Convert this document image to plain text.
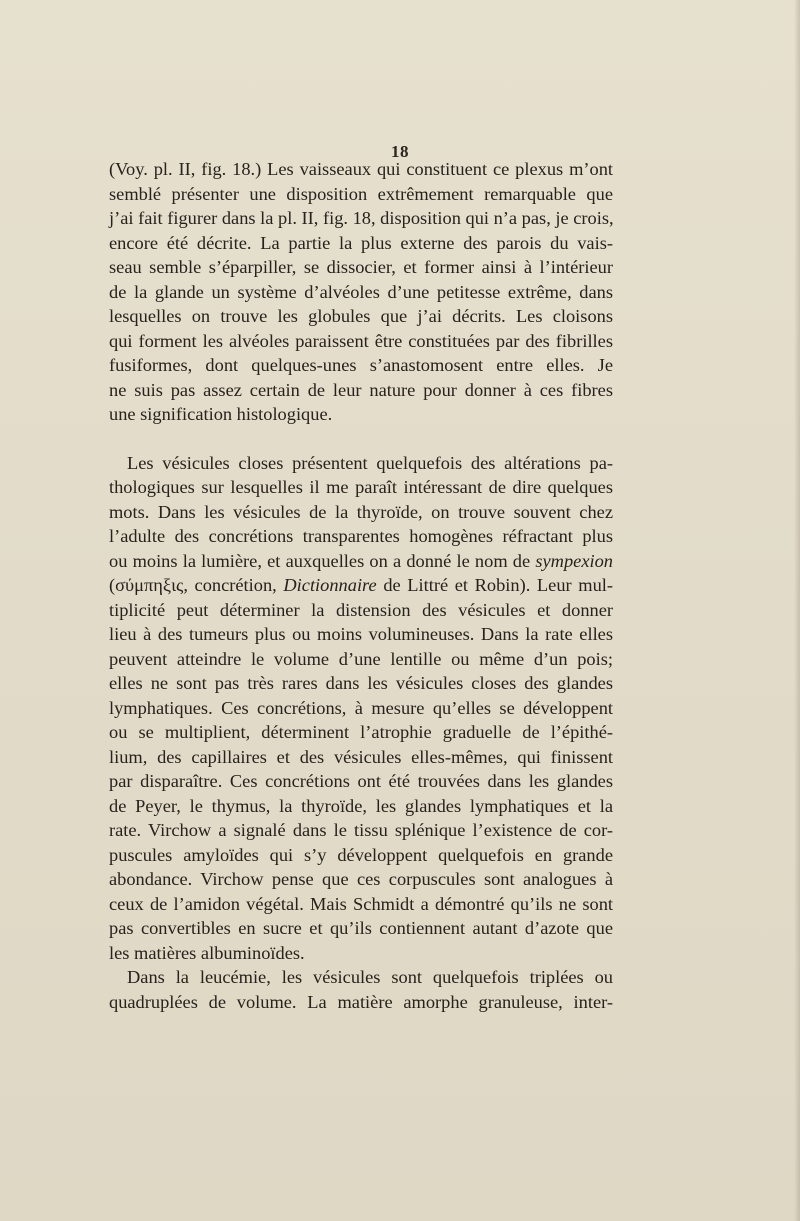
18
(Voy. pl. II, fig. 18.) Les vaisseaux qui constituent ce plexus m’ont
semblé présenter une disposition extrêmement remarquable que
j’ai fait figurer dans la pl. II, fig. 18, disposition qui n’a pas, je crois,
encore été décrite. La partie la plus externe des parois du vais-
seau semble s’éparpiller, se dissocier, et former ainsi à l’intérieur
de la glande un système d’alvéoles d’une petitesse extrême, dans
lesquelles on trouve les globules que j’ai décrits. Les cloisons
qui forment les alvéoles paraissent être constituées par des fibrilles
fusiformes, dont quelques-unes s’anastomosent entre elles. Je
ne suis pas assez certain de leur nature pour donner à ces fibres
une signification histologique.
Les vésicules closes présentent quelquefois des altérations pa-
thologiques sur lesquelles il me paraît intéressant de dire quelques
mots. Dans les vésicules de la thyroïde, on trouve souvent chez
l’adulte des concrétions transparentes homogènes réfractant plus
ou moins la lumière, et auxquelles on a donné le nom de sympexion
(σύμπηξις, concrétion, Dictionnaire de Littré et Robin). Leur mul-
tiplicité peut déterminer la distension des vésicules et donner
lieu à des tumeurs plus ou moins volumineuses. Dans la rate elles
peuvent atteindre le volume d’une lentille ou même d’un pois;
elles ne sont pas très rares dans les vésicules closes des glandes
lymphatiques. Ces concrétions, à mesure qu’elles se développent
ou se multiplient, déterminent l’atrophie graduelle de l’épithé-
lium, des capillaires et des vésicules elles-mêmes, qui finissent
par disparaître. Ces concrétions ont été trouvées dans les glandes
de Peyer, le thymus, la thyroïde, les glandes lymphatiques et la
rate. Virchow a signalé dans le tissu splénique l’existence de cor-
puscules amyloïdes qui s’y développent quelquefois en grande
abondance. Virchow pense que ces corpuscules sont analogues à
ceux de l’amidon végétal. Mais Schmidt a démontré qu’ils ne sont
pas convertibles en sucre et qu’ils contiennent autant d’azote que
les matières albuminoïdes.
Dans la leucémie, les vésicules sont quelquefois triplées ou
quadruplées de volume. La matière amorphe granuleuse, inter-
